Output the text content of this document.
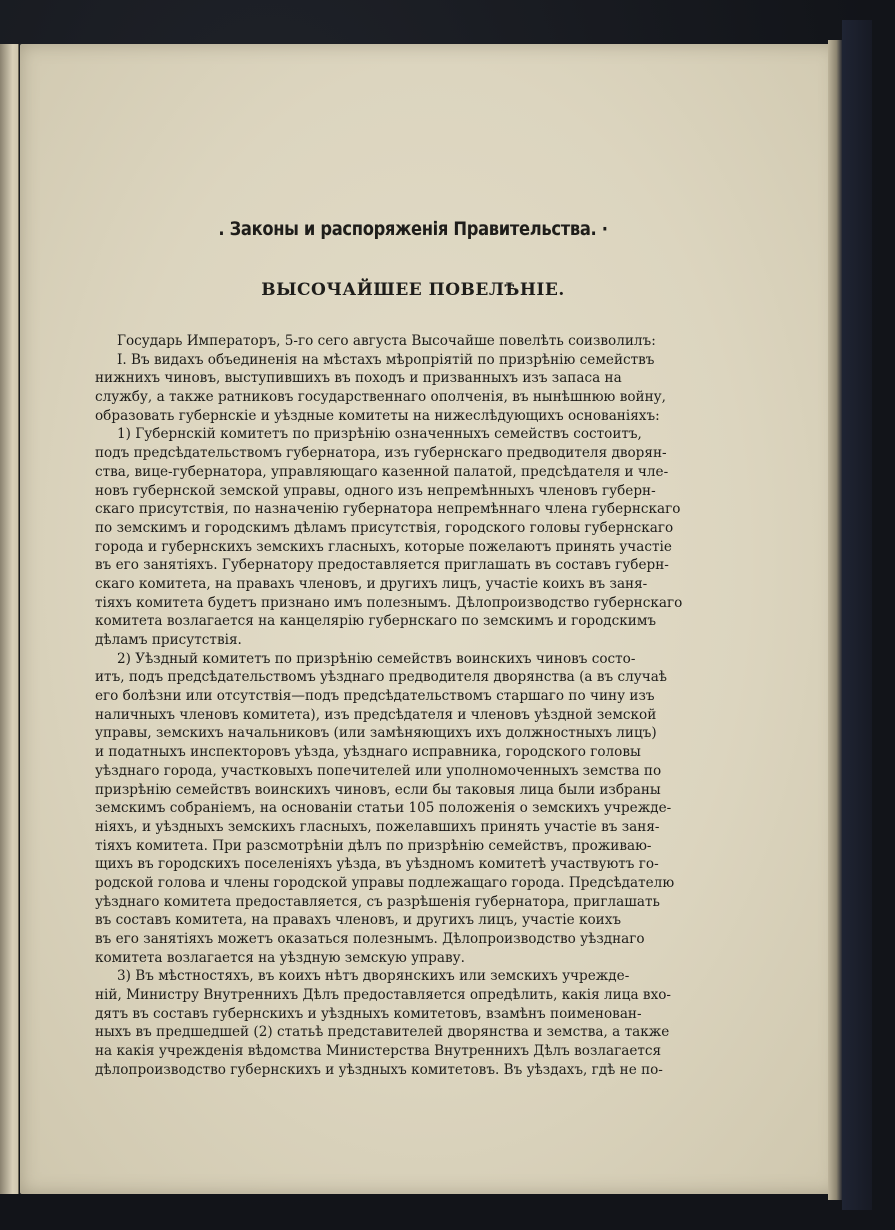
. Законы и распоряженія Правительства. ·
ВЫСОЧАЙШЕЕ ПОВЕЛѢНІЕ.
Государь Императоръ, 5-го сего августа Высочайше повелѣть соизволилъ:
I. Въ видахъ объединенія на мѣстахъ мѣропріятій по призрѣнію семействъ
нижнихъ чиновъ, выступившихъ въ походъ и призванныхъ изъ запаса на
службу, а также ратниковъ государственнаго ополченія, въ нынѣшнюю войну,
образовать губернскіе и уѣздные комитеты на нижеслѣдующихъ основаніяхъ:
1) Губернскій комитетъ по призрѣнію означенныхъ семействъ состоитъ,
подъ предсѣдательствомъ губернатора, изъ губернскаго предводителя дворян-
ства, вице-губернатора, управляющаго казенной палатой, предсѣдателя и чле-
новъ губернской земской управы, одного изъ непремѣнныхъ членовъ губерн-
скаго присутствія, по назначенію губернатора непремѣннаго члена губернскаго
по земскимъ и городскимъ дѣламъ присутствія, городского головы губернскаго
города и губернскихъ земскихъ гласныхъ, которые пожелаютъ принять участіе
въ его занятіяхъ. Губернатору предоставляется приглашать въ составъ губерн-
скаго комитета, на правахъ членовъ, и другихъ лицъ, участіе коихъ въ заня-
тіяхъ комитета будетъ признано имъ полезнымъ. Дѣлопроизводство губернскаго
комитета возлагается на канцелярію губернскаго по земскимъ и городскимъ
дѣламъ присутствія.
2) Уѣздный комитетъ по призрѣнію семействъ воинскихъ чиновъ состо-
итъ, подъ предсѣдательствомъ уѣзднаго предводителя дворянства (а въ случаѣ
его болѣзни или отсутствія—подъ предсѣдательствомъ старшаго по чину изъ
наличныхъ членовъ комитета), изъ предсѣдателя и членовъ уѣздной земской
управы, земскихъ начальниковъ (или замѣняющихъ ихъ должностныхъ лицъ)
и податныхъ инспекторовъ уѣзда, уѣзднаго исправника, городского головы
уѣзднаго города, участковыхъ попечителей или уполномоченныхъ земства по
призрѣнію семействъ воинскихъ чиновъ, если бы таковыя лица были избраны
земскимъ собраніемъ, на основаніи статьи 105 положенія о земскихъ учрежде-
ніяхъ, и уѣздныхъ земскихъ гласныхъ, пожелавшихъ принять участіе въ заня-
тіяхъ комитета. При разсмотрѣніи дѣлъ по призрѣнію семействъ, проживаю-
щихъ въ городскихъ поселеніяхъ уѣзда, въ уѣздномъ комитетѣ участвуютъ го-
родской голова и члены городской управы подлежащаго города. Предсѣдателю
уѣзднаго комитета предоставляется, съ разрѣшенія губернатора, приглашать
въ составъ комитета, на правахъ членовъ, и другихъ лицъ, участіе коихъ
въ его занятіяхъ можетъ оказаться полезнымъ. Дѣлопроизводство уѣзднаго
комитета возлагается на уѣздную земскую управу.
3) Въ мѣстностяхъ, въ коихъ нѣтъ дворянскихъ или земскихъ учрежде-
ній, Министру Внутреннихъ Дѣлъ предоставляется опредѣлить, какія лица вхо-
дятъ въ составъ губернскихъ и уѣздныхъ комитетовъ, взамѣнъ поименован-
ныхъ въ предшедшей (2) статьѣ представителей дворянства и земства, а также
на какія учрежденія вѣдомства Министерства Внутреннихъ Дѣлъ возлагается
дѣлопроизводство губернскихъ и уѣздныхъ комитетовъ. Въ уѣздахъ, гдѣ не по-
